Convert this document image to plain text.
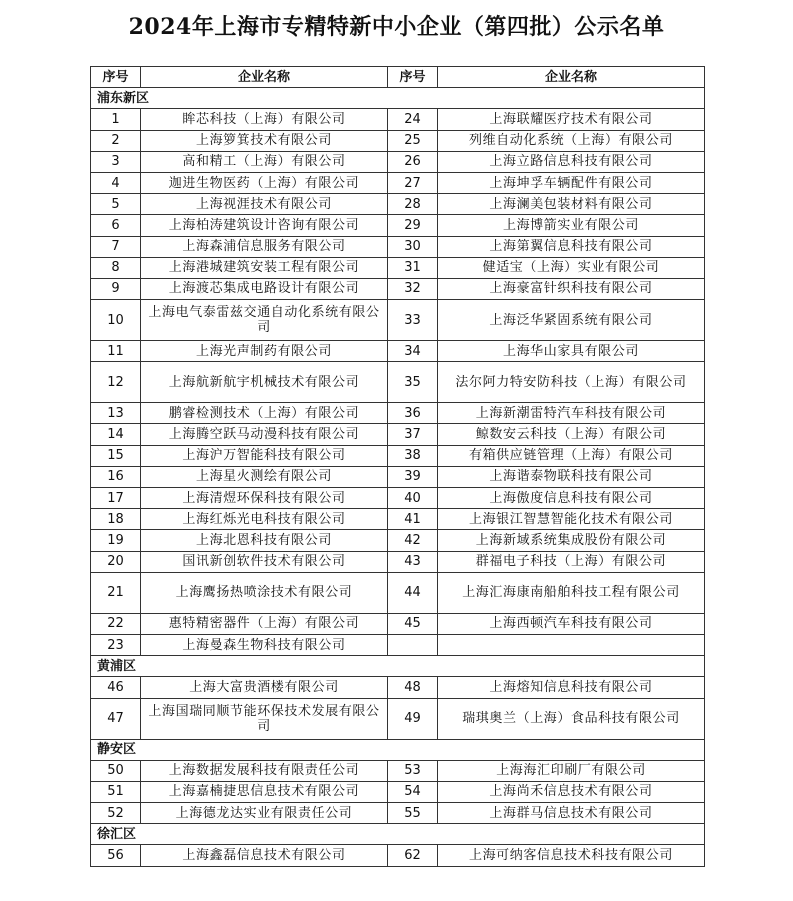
2024年上海市专精特新中小企业（第四批）公示名单
序号	企业名称	序号	企业名称
浦东新区			
1	眸芯科技（上海）有限公司	24	上海联耀医疗技术有限公司
2	上海箩箕技术有限公司	25	列维自动化系统（上海）有限公司
3	高和精工（上海）有限公司	26	上海立路信息科技有限公司
4	迦进生物医药（上海）有限公司	27	上海坤孚车辆配件有限公司
5	上海视涯技术有限公司	28	上海澜美包装材料有限公司
6	上海柏涛建筑设计咨询有限公司	29	上海博箭实业有限公司
7	上海森浦信息服务有限公司	30	上海第翼信息科技有限公司
8	上海港城建筑安装工程有限公司	31	健适宝（上海）实业有限公司
9	上海渡芯集成电路设计有限公司	32	上海豪富针织科技有限公司
10	上海电气泰雷兹交通自动化系统有限公司	33	上海泛华紧固系统有限公司
11	上海光声制药有限公司	34	上海华山家具有限公司
12	上海航新航宇机械技术有限公司	35	法尔阿力特安防科技（上海）有限公司
13	鹏睿检测技术（上海）有限公司	36	上海新潮雷特汽车科技有限公司
14	上海腾空跃马动漫科技有限公司	37	鲸数安云科技（上海）有限公司
15	上海沪万智能科技有限公司	38	有箱供应链管理（上海）有限公司
16	上海星火测绘有限公司	39	上海谐泰物联科技有限公司
17	上海清煜环保科技有限公司	40	上海傲度信息科技有限公司
18	上海红烁光电科技有限公司	41	上海银江智慧智能化技术有限公司
19	上海北恩科技有限公司	42	上海新域系统集成股份有限公司
20	国讯新创软件技术有限公司	43	群福电子科技（上海）有限公司
21	上海鹰扬热喷涂技术有限公司	44	上海汇海康南船舶科技工程有限公司
22	惠特精密器件（上海）有限公司	45	上海西顿汽车科技有限公司
23	上海曼森生物科技有限公司		
黄浦区			
46	上海大富贵酒楼有限公司	48	上海熔知信息科技有限公司
47	上海国瑞同顺节能环保技术发展有限公司	49	瑞琪奥兰（上海）食品科技有限公司
静安区			
50	上海数据发展科技有限责任公司	53	上海海汇印刷厂有限公司
51	上海嘉楠捷思信息技术有限公司	54	上海尚禾信息技术有限公司
52	上海德龙达实业有限责任公司	55	上海群马信息技术有限公司
徐汇区			
56	上海鑫磊信息技术有限公司	62	上海可纳客信息技术科技有限公司
